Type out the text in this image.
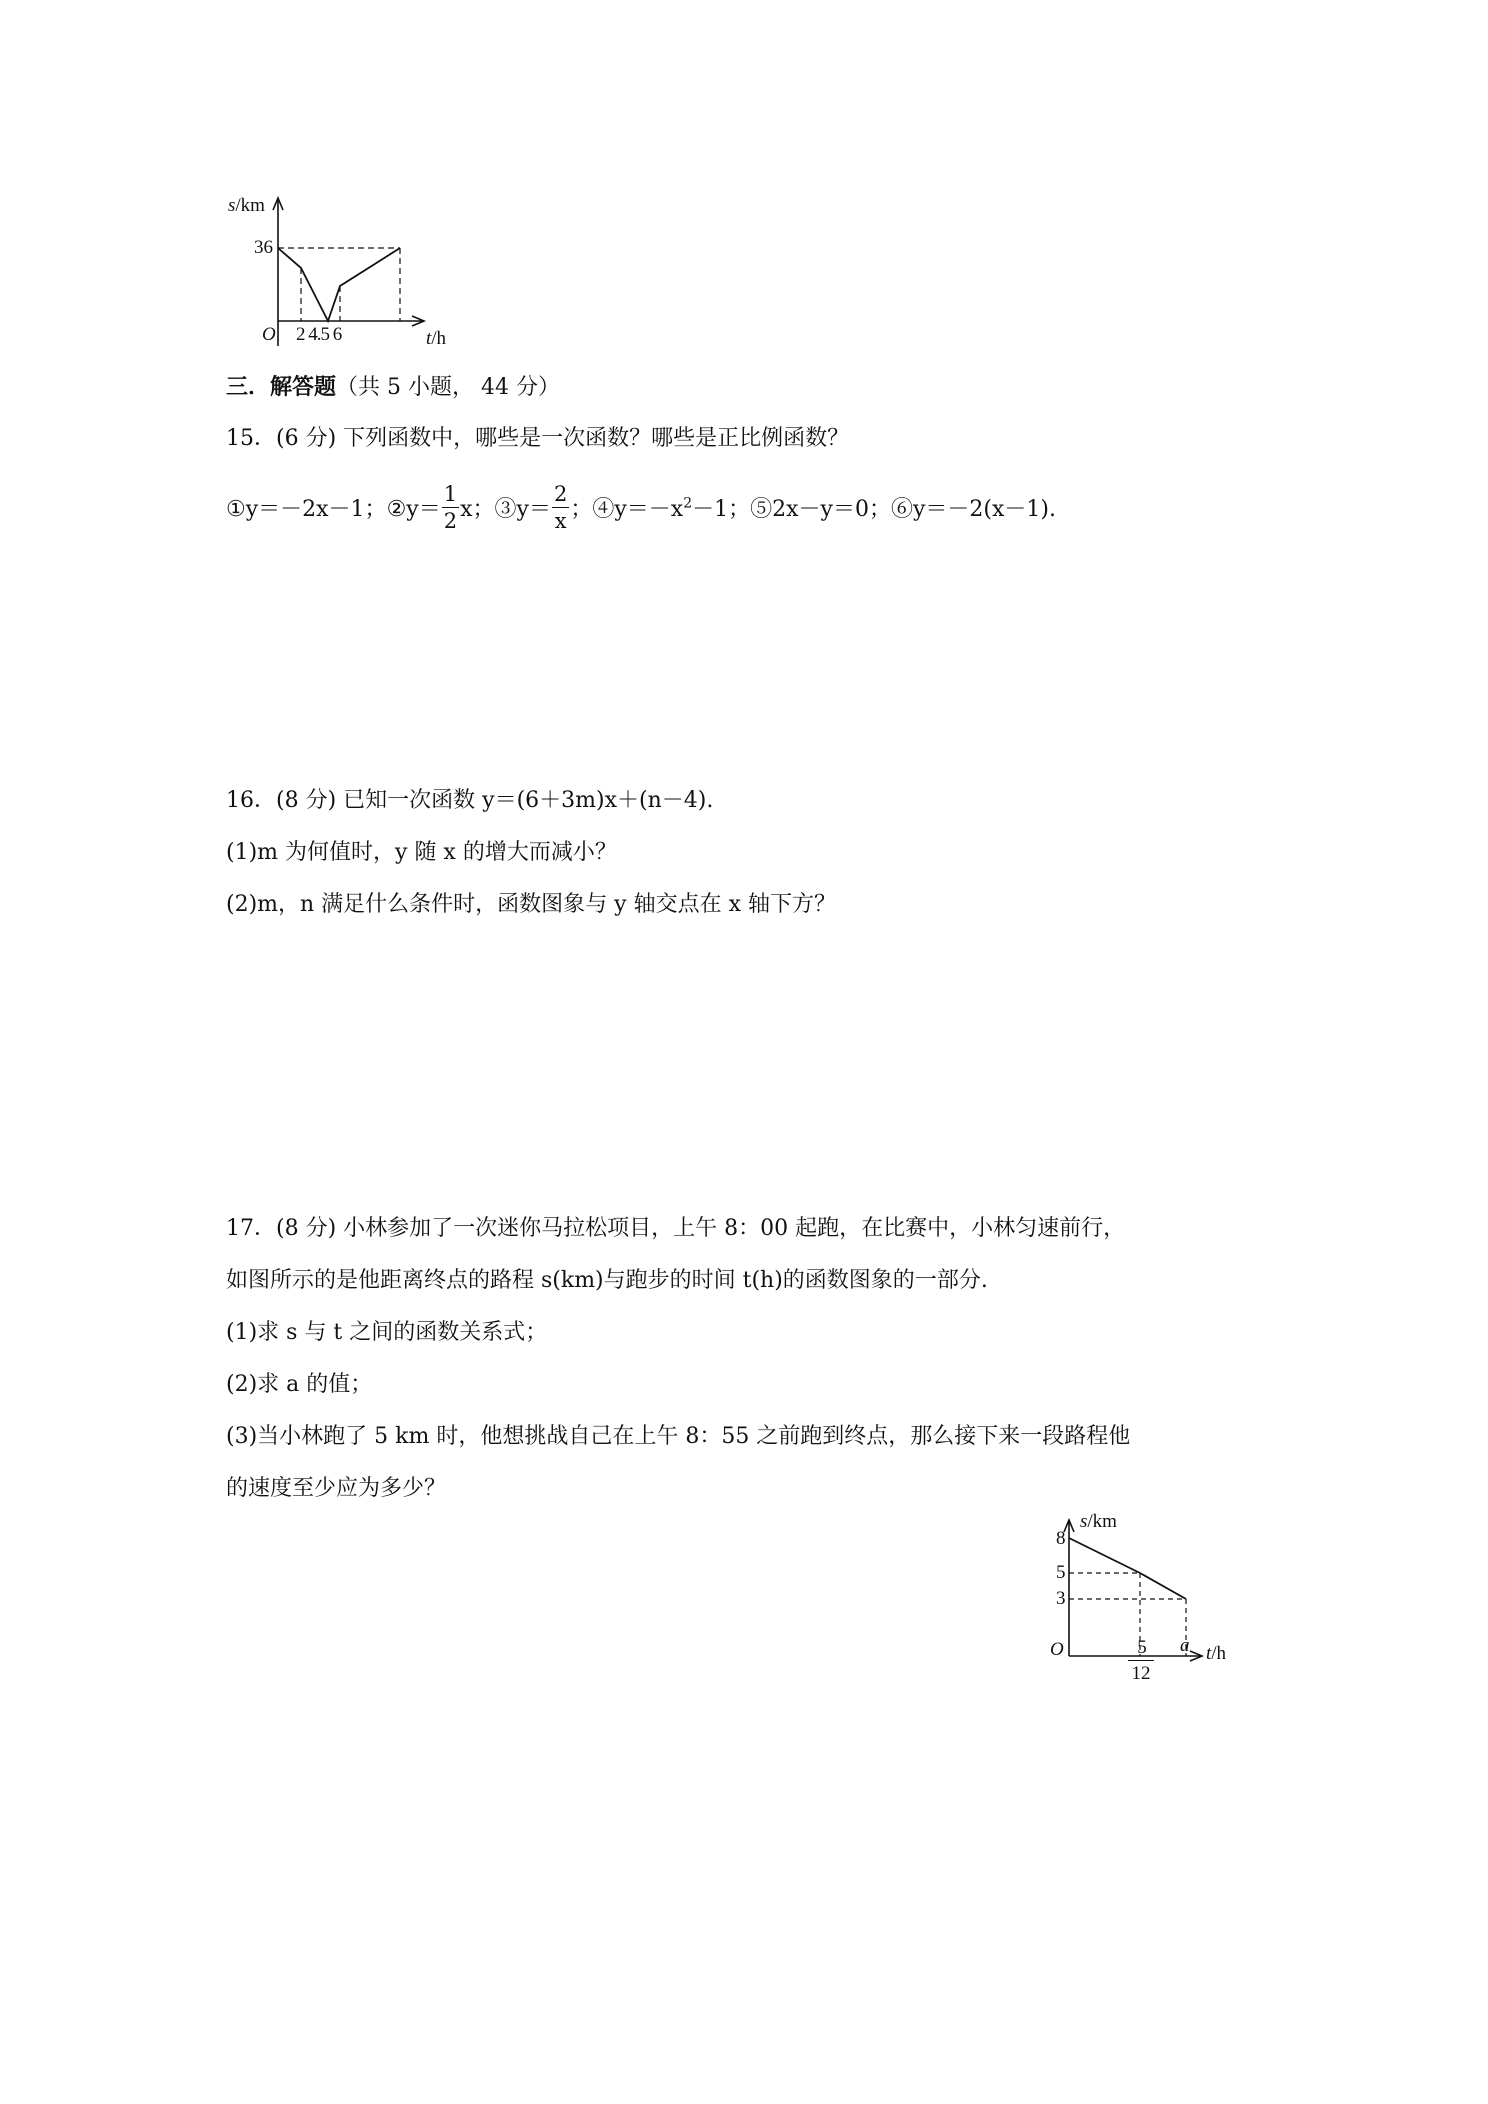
s/km
36
O 2 4.5 6	t/h
三．解答题（共 5 小题， 44 分）
15．(6 分) 下列函数中，哪些是一次函数？哪些是正比例函数？
①y＝－2x－1；②y＝ $\frac{1}{2}$ x；③y＝ $\frac{2}{x}$ ；$④y=-x^2-1$；⑤2x－y＝0；⑥y＝－2(x－1).
16．(8 分) 已知一次函数 y＝(6＋3m)x＋(n－4).
(1)m 为何值时，y 随 x 的增大而减小？
(2)m，n 满足什么条件时，函数图象与 y 轴交点在 x 轴下方？
17．(8 分) 小林参加了一次迷你马拉松项目，上午 8：00 起跑，在比赛中，小林匀速前行，
如图所示的是他距离终点的路程 s(km)与跑步的时间 t(h)的函数图象的一部分.
(1)求 s 与 t 之间的函数关系式；
(2)求 a 的值；
(3)当小林跑了 5 km 时，他想挑战自己在上午 8：55 之前跑到终点，那么接下来一段路程他
的速度至少应为多少？
s/km
8
5
3
O	5
12
a t/h
